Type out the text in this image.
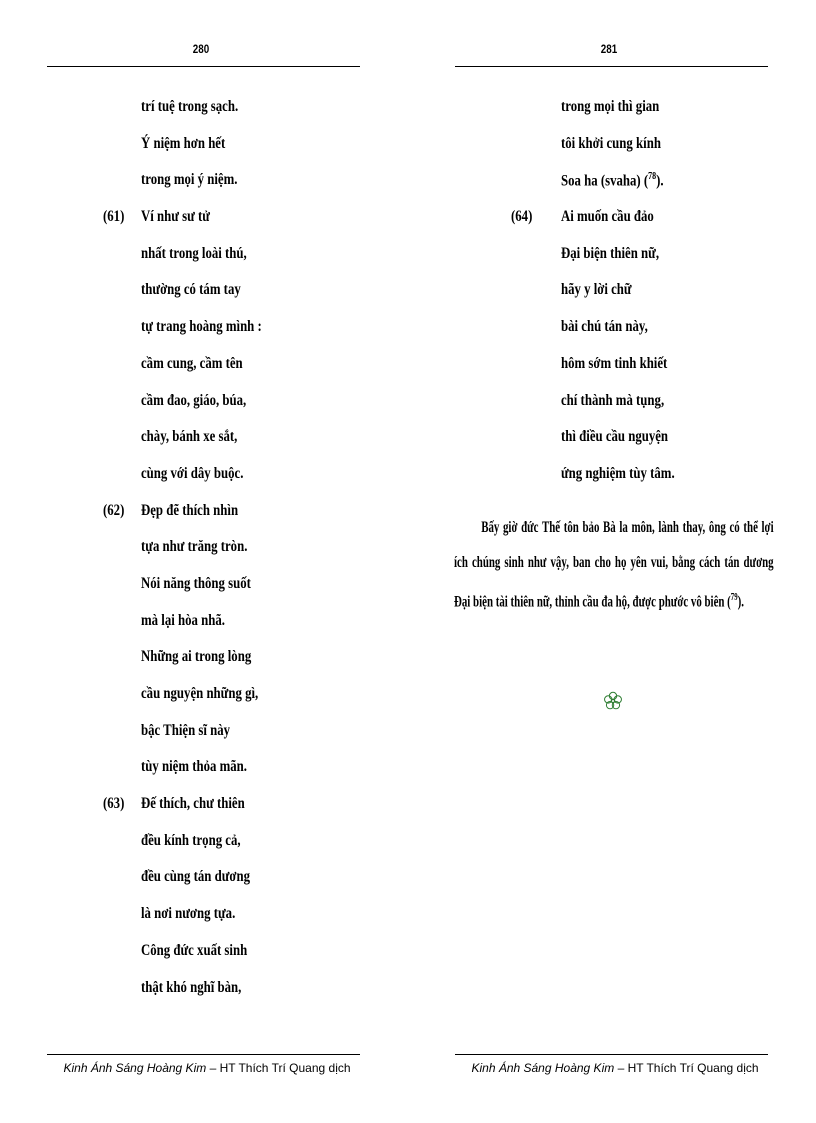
280
trí tuệ trong sạch.
Ý niệm hơn hết
trong mọi ý niệm.
(61) Ví như sư tử
nhất trong loài thú,
thường có tám tay
tự trang hoàng mình :
cầm cung, cầm tên
cầm đao, giáo, búa,
chày, bánh xe sắt,
cùng với dây buộc.
(62) Đẹp đẽ thích nhìn
tựa như trăng tròn.
Nói năng thông suốt
mà lại hòa nhã.
Những ai trong lòng
cầu nguyện những gì,
bậc Thiện sĩ này
tùy niệm thỏa mãn.
(63) Đế thích, chư thiên
đều kính trọng cả,
đều cùng tán dương
là nơi nương tựa.
Công đức xuất sinh
thật khó nghĩ bàn,
Kinh Ánh Sáng Hoàng Kim – HT Thích Trí Quang dịch
281
trong mọi thì gian
tôi khởi cung kính
Soa ha (svaha) ($^{78}$).
(64) Ai muốn cầu đảo
Đại biện thiên nữ,
hãy y lời chữ
bài chú tán này,
hôm sớm tinh khiết
chí thành mà tụng,
thì điều cầu nguyện
ứng nghiệm tùy tâm.
Bấy giờ đức Thế tôn bảo Bà la môn, lành thay, ông có thể lợi ích chúng sinh như vậy, ban cho họ yên vui, bằng cách tán dương Đại biện tài thiên nữ, thỉnh cầu đa hộ, được phước vô biên ($^{79}$).
Kinh Ánh Sáng Hoàng Kim – HT Thích Trí Quang dịch
